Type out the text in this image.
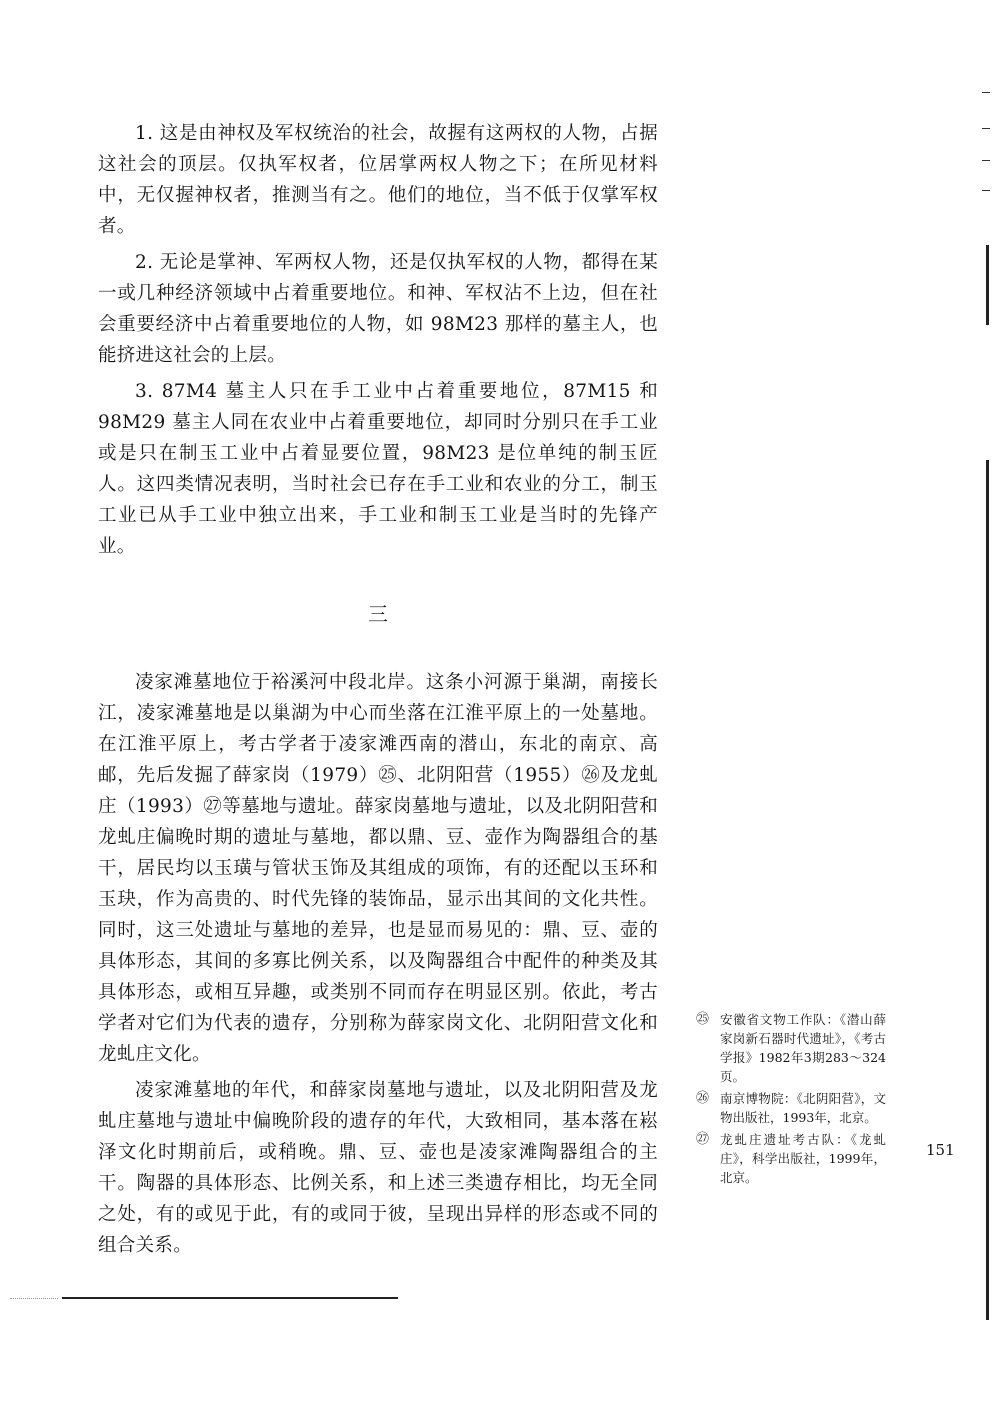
1. 这是由神权及军权统治的社会，故握有这两权的人物，占据这社会的顶层。仅执军权者，位居掌两权人物之下；在所见材料中，无仅握神权者，推测当有之。他们的地位，当不低于仅掌军权者。

2. 无论是掌神、军两权人物，还是仅执军权的人物，都得在某一或几种经济领域中占着重要地位。和神、军权沾不上边，但在社会重要经济中占着重要地位的人物，如 98M23 那样的墓主人，也能挤进这社会的上层。

3. 87M4 墓主人只在手工业中占着重要地位，87M15 和 98M29 墓主人同在农业中占着重要地位，却同时分别只在手工业或是只在制玉工业中占着显要位置，98M23 是位单纯的制玉匠人。这四类情况表明，当时社会已存在手工业和农业的分工，制玉工业已从手工业中独立出来，手工业和制玉工业是当时的先锋产业。

三

凌家滩墓地位于裕溪河中段北岸。这条小河源于巢湖，南接长江，凌家滩墓地是以巢湖为中心而坐落在江淮平原上的一处墓地。在江淮平原上，考古学者于凌家滩西南的潜山，东北的南京、高邮，先后发掘了薛家岗（1979）㉕、北阴阳营（1955）㉖及龙虬庄（1993）㉗等墓地与遗址。薛家岗墓地与遗址，以及北阴阳营和龙虬庄偏晚时期的遗址与墓地，都以鼎、豆、壶作为陶器组合的基干，居民均以玉璜与管状玉饰及其组成的项饰，有的还配以玉环和玉玦，作为高贵的、时代先锋的装饰品，显示出其间的文化共性。同时，这三处遗址与墓地的差异，也是显而易见的：鼎、豆、壶的具体形态，其间的多寡比例关系，以及陶器组合中配件的种类及其具体形态，或相互异趣，或类别不同而存在明显区别。依此，考古学者对它们为代表的遗存，分别称为薛家岗文化、北阴阳营文化和龙虬庄文化。

凌家滩墓地的年代，和薛家岗墓地与遗址，以及北阴阳营及龙虬庄墓地与遗址中偏晚阶段的遗存的年代，大致相同，基本落在崧泽文化时期前后，或稍晚。鼎、豆、壶也是凌家滩陶器组合的主干。陶器的具体形态、比例关系，和上述三类遗存相比，均无全同之处，有的或见于此，有的或同于彼，呈现出异样的形态或不同的组合关系。

㉕ 安徽省文物工作队：《潜山薛家岗新石器时代遗址》，《考古学报》1982年3期283～324页。
㉖ 南京博物院：《北阴阳营》，文物出版社，1993年，北京。
㉗ 龙虬庄遗址考古队：《龙虬庄》，科学出版社，1999年，北京。
151
